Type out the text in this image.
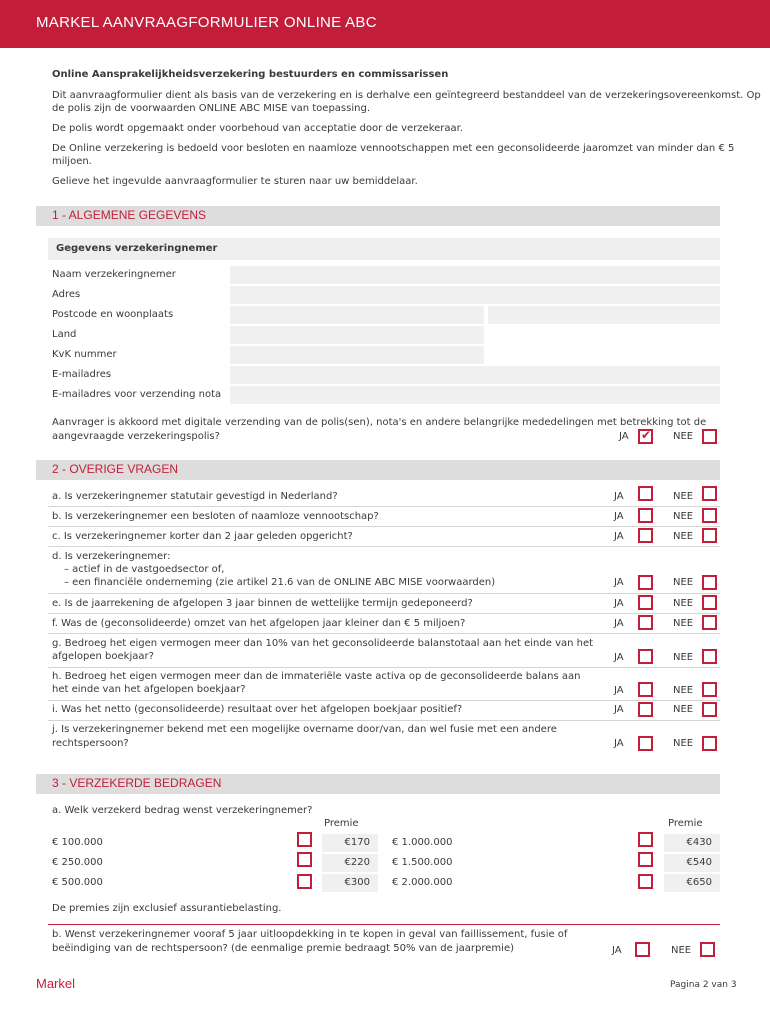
MARKEL AANVRAAGFORMULIER ONLINE ABC
Online Aansprakelijkheidsverzekering bestuurders en commissarissen
Dit aanvraagformulier dient als basis van de verzekering en is derhalve een geïntegreerd bestanddeel van de verzekeringsovereenkomst. Op
de polis zijn de voorwaarden ONLINE ABC MISE van toepassing.
De polis wordt opgemaakt onder voorbehoud van acceptatie door de verzekeraar.
De Online verzekering is bedoeld voor besloten en naamloze vennootschappen met een geconsolideerde jaaromzet van minder dan € 5
miljoen.
Gelieve het ingevulde aanvraagformulier te sturen naar uw bemiddelaar.
1 - ALGEMENE GEGEVENS
Gegevens verzekeringnemer
Naam verzekeringnemer
Adres
Postcode en woonplaats
Land
KvK nummer
E-mailadres
E-mailadres voor verzending nota
Aanvrager is akkoord met digitale verzending van de polis(sen), nota's en andere belangrijke mededelingen met betrekking tot de
aangevraagde verzekeringspolis?	JA
✔	NEE
2 - OVERIGE VRAGEN
a. Is verzekeringnemer statutair gevestigd in Nederland?	JA	NEE
b. Is verzekeringnemer een besloten of naamloze vennootschap?	JA	NEE
c. Is verzekeringnemer korter dan 2 jaar geleden opgericht?	JA	NEE
d. Is verzekeringnemer:
– actief in de vastgoedsector of,
– een financiële onderneming (zie artikel 21.6 van de ONLINE ABC MISE voorwaarden)	JA	NEE
e. Is de jaarrekening de afgelopen 3 jaar binnen de wettelijke termijn gedeponeerd?	JA	NEE
f. Was de (geconsolideerde) omzet van het afgelopen jaar kleiner dan € 5 miljoen?	JA	NEE
g. Bedroeg het eigen vermogen meer dan 10% van het geconsolideerde balanstotaal aan het einde van het
afgelopen boekjaar?	JA	NEE
h. Bedroeg het eigen vermogen meer dan de immateriële vaste activa op de geconsolideerde balans aan
het einde van het afgelopen boekjaar?	JA	NEE
i. Was het netto (geconsolideerde) resultaat over het afgelopen boekjaar positief?	JA	NEE
j. Is verzekeringnemer bekend met een mogelijke overname door/van, dan wel fusie met een andere
rechtspersoon?	JA	NEE
3 - VERZEKERDE BEDRAGEN
a. Welk verzekerd bedrag wenst verzekeringnemer?
Premie	Premie
€ 100.000	€170
€ 250.000	€220
€ 500.000	€300
€ 1.000.000	€430
€ 1.500.000	€540
€ 2.000.000	€650
De premies zijn exclusief assurantiebelasting.
b. Wenst verzekeringnemer vooraf 5 jaar uitloopdekking in te kopen in geval van faillissement, fusie of
beëindiging van de rechtspersoon? (de eenmalige premie bedraagt 50% van de jaarpremie)	JA	NEE
Markel	Pagina 2 van 3
